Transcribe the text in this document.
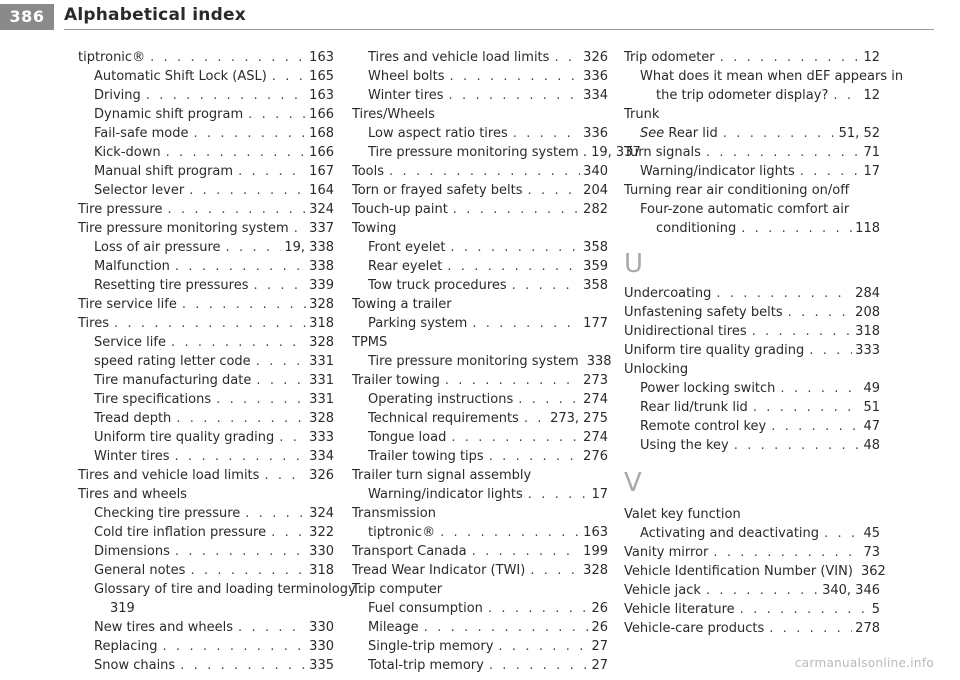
386	Alphabetical index
tiptronic® . . .	163
Automatic Shift Lock (ASL) . . .	165
Driving . . .	163
Dynamic shift program . . .	166
Fail-safe mode . . .	168
Kick-down . . .	166
Manual shift program . . .	167
Selector lever . . .	164
Tire pressure . . .	324
Tire pressure monitoring system . . . 337
Loss of air pressure . . .	19, 338
Malfunction . . .	338
Resetting tire pressures . . .	339
Tire service life . . .	328
Tires . . .	318
Service life . . .	328
speed rating letter code . . .	331
Tire manufacturing date . . .	331
Tire specifications . . .	331
Tread depth . . .	328
Uniform tire quality grading . . .	333
Winter tires . . .	334
Tires and vehicle load limits . . .	326
Tires and wheels
Checking tire pressure . . .	324
Cold tire inflation pressure . . .	322
Dimensions . . .	330
General notes . . .	318
Glossary of tire and loading terminology .
319
New tires and wheels . . .	330
Replacing . . .	330
Snow chains . . .	335
Tires and vehicle load limits . . .	326
Wheel bolts . . .	336
Winter tires . . .	334
Tires/Wheels
Low aspect ratio tires . . .	336
Tire pressure monitoring system . 19, 337
Tools . . .	340
Torn or frayed safety belts . . .	204
Touch-up paint . . .	282
Towing
Front eyelet . . .	358
Rear eyelet . . .	359
Tow truck procedures . . .	358
Towing a trailer
Parking system . . .	177
TPMS
Tire pressure monitoring system 338
Trailer towing . . .	273
Operating instructions . . .	274
Technical requirements . . . 273, 275
Tongue load . . .	274
Trailer towing tips . . .	276
Trailer turn signal assembly
Warning/indicator lights . . .	17
Transmission
tiptronic® . . .	163
Transport Canada . . .	199
Tread Wear Indicator (TWI) . . .	328
Trip computer
Fuel consumption . . .	26
Mileage . . .	26
Single-trip memory . . .	27
Total-trip memory . . .	27
Trip odometer . . .	12
What does it mean when dEF appears in
the trip odometer display? . . .	12
Trunk
See Rear lid . . .	51, 52
Turn signals . . .	71
Warning/indicator lights . . .	17
Turning rear air conditioning on/off
Four-zone automatic comfort air
conditioning . . .	118
U
Undercoating . . .	284
Unfastening safety belts . . .	208
Unidirectional tires . . .	318
Uniform tire quality grading . . .	333
Unlocking
Power locking switch . . .	49
Rear lid/trunk lid . . .	51
Remote control key . . .	47
Using the key . . .	48
V
Valet key function
Activating and deactivating . . .	45
Vanity mirror . . .	73
Vehicle Identification Number (VIN) 362
Vehicle jack . . .	340, 346
Vehicle literature . . .	5
Vehicle-care products . . .	278
carmanualsonline.info
